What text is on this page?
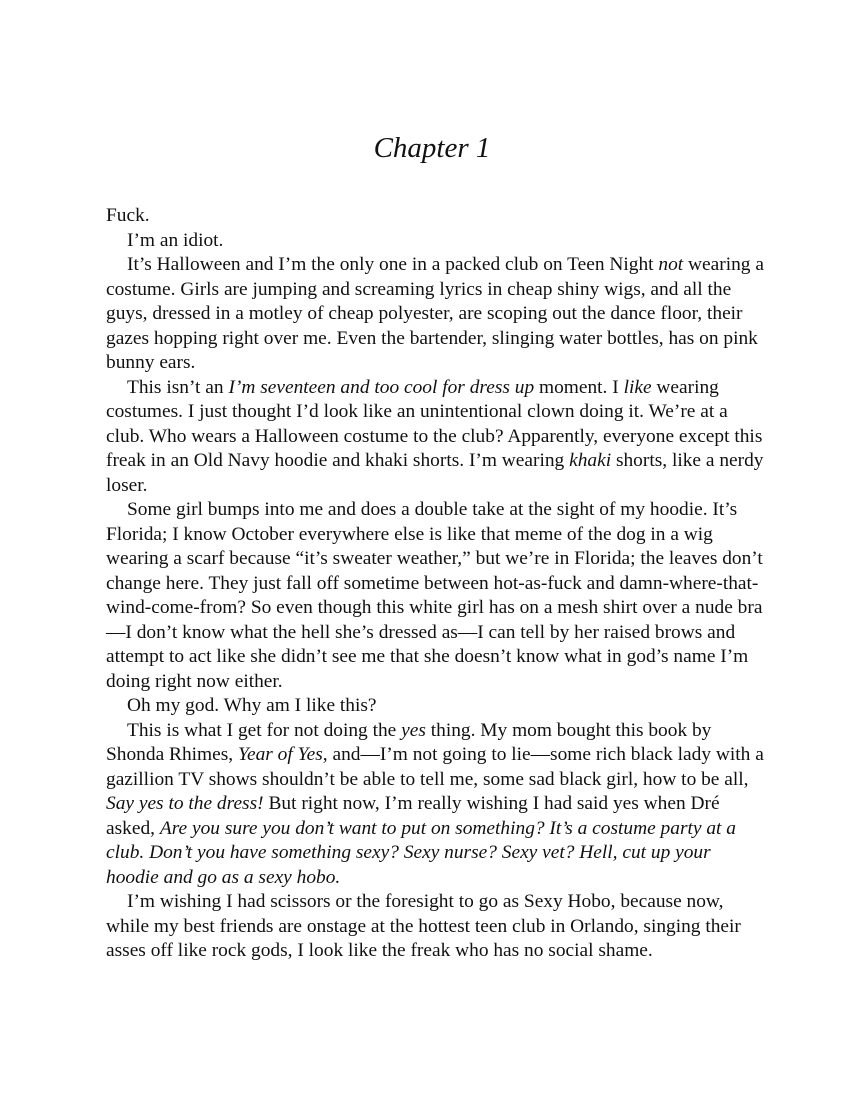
Chapter 1

Fuck.

I’m an idiot.

It’s Halloween and I’m the only one in a packed club on Teen Night not wearing a costume. Girls are jumping and screaming lyrics in cheap shiny wigs, and all the guys, dressed in a motley of cheap polyester, are scoping out the dance floor, their gazes hopping right over me. Even the bartender, slinging water bottles, has on pink bunny ears.

This isn’t an I’m seventeen and too cool for dress up moment. I like wearing costumes. I just thought I’d look like an unintentional clown doing it. We’re at a club. Who wears a Halloween costume to the club? Apparently, everyone except this freak in an Old Navy hoodie and khaki shorts. I’m wearing khaki shorts, like a nerdy loser.

Some girl bumps into me and does a double take at the sight of my hoodie. It’s Florida; I know October everywhere else is like that meme of the dog in a wig wearing a scarf because “it’s sweater weather,” but we’re in Florida; the leaves don’t change here. They just fall off sometime between hot-as-fuck and damn-where-that-wind-come-from? So even though this white girl has on a mesh shirt over a nude bra—I don’t know what the hell she’s dressed as—I can tell by her raised brows and attempt to act like she didn’t see me that she doesn’t know what in god’s name I’m doing right now either.

Oh my god. Why am I like this?

This is what I get for not doing the yes thing. My mom bought this book by Shonda Rhimes, Year of Yes, and—I’m not going to lie—some rich black lady with a gazillion TV shows shouldn’t be able to tell me, some sad black girl, how to be all, Say yes to the dress! But right now, I’m really wishing I had said yes when Dré asked, Are you sure you don’t want to put on something? It’s a costume party at a club. Don’t you have something sexy? Sexy nurse? Sexy vet? Hell, cut up your hoodie and go as a sexy hobo.

I’m wishing I had scissors or the foresight to go as Sexy Hobo, because now, while my best friends are onstage at the hottest teen club in Orlando, singing their asses off like rock gods, I look like the freak who has no social shame.
